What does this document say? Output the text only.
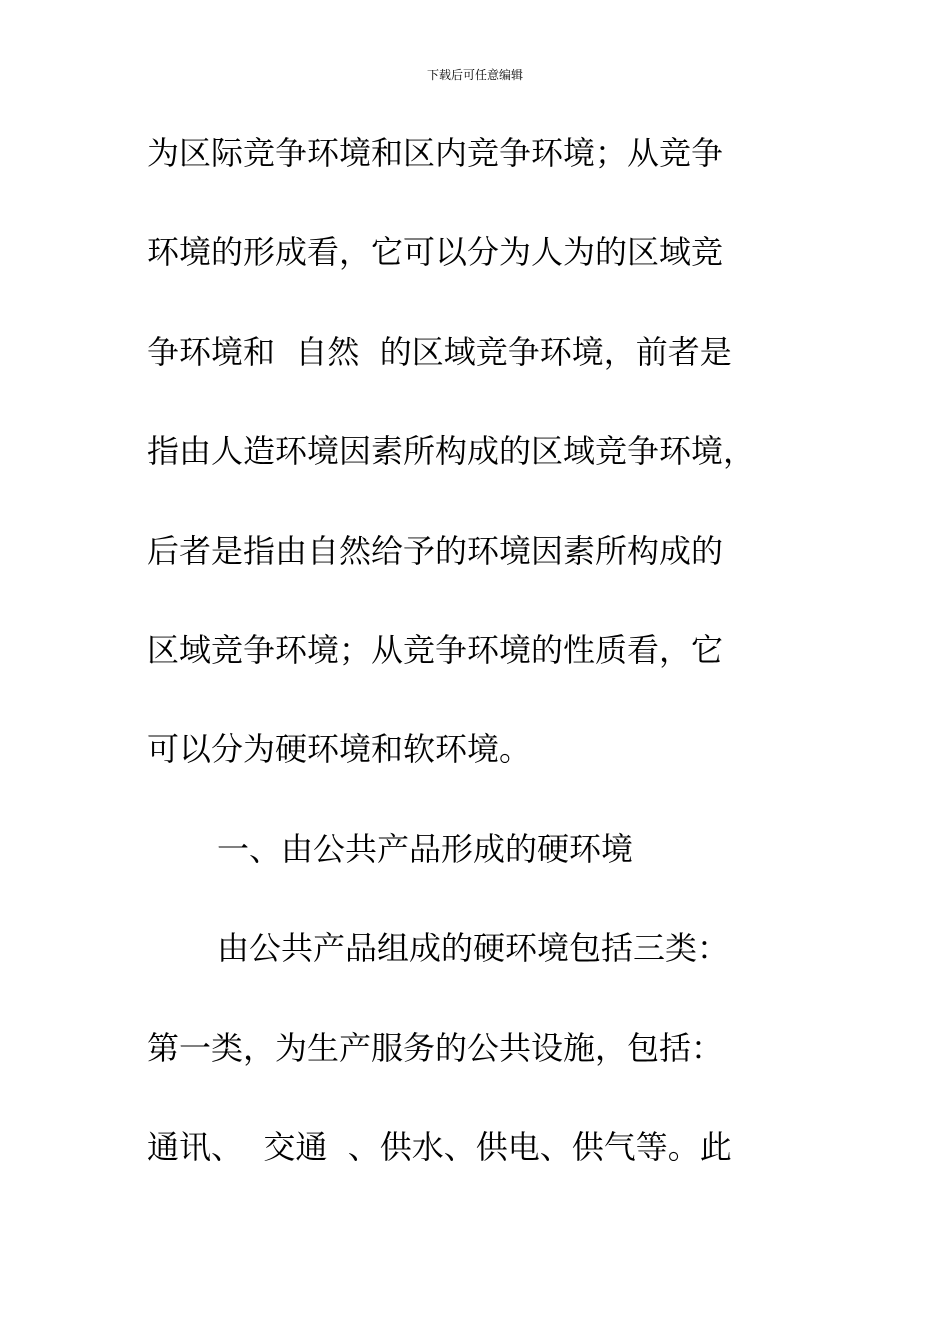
下载后可任意编辑
为区际竞争环境和区内竞争环境；从竞争
环境的形成看，它可以分为人为的区域竞
争环境和  自然  的区域竞争环境，前者是
指由人造环境因素所构成的区域竞争环境，
后者是指由自然给予的环境因素所构成的
区域竞争环境；从竞争环境的性质看，它
可以分为硬环境和软环境。
一、由公共产品形成的硬环境
由公共产品组成的硬环境包括三类：
第一类，为生产服务的公共设施，包括：
通讯、  交通  、供水、供电、供气等。此
